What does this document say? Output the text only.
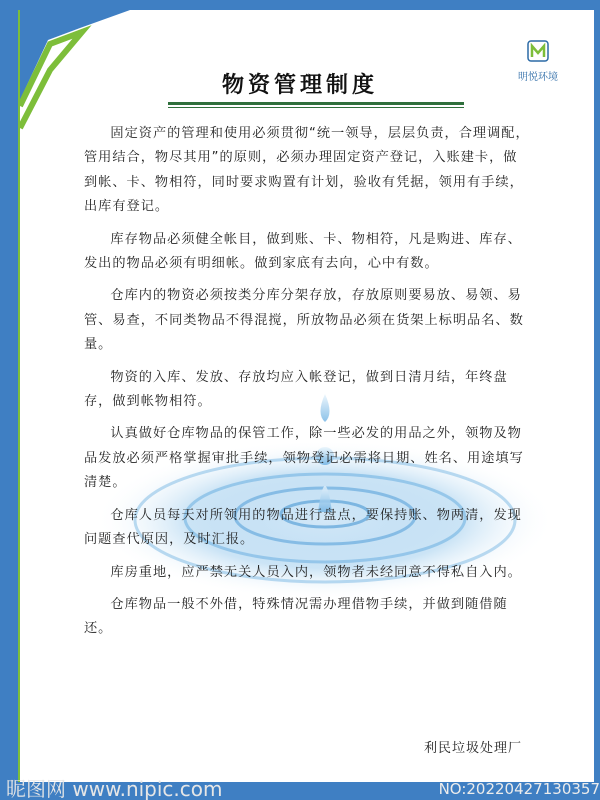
明悦环境
物资管理制度

固定资产的管理和使用必须贯彻“统一领导，层层负责，合理调配，管用结合，物尽其用”的原则，必须办理固定资产登记，入账建卡，做到帐、卡、物相符，同时要求购置有计划，验收有凭据，领用有手续，出库有登记。

库存物品必须健全帐目，做到账、卡、物相符，凡是购进、库存、发出的物品必须有明细帐。做到家底有去向，心中有数。

仓库内的物资必须按类分库分架存放，存放原则要易放、易领、易管、易查，不同类物品不得混搅，所放物品必须在货架上标明品名、数量。

物资的入库、发放、存放均应入帐登记，做到日清月结，年终盘存，做到帐物相符。

认真做好仓库物品的保管工作，除一些必发的用品之外，领物及物品发放必须严格掌握审批手续，领物登记必需将日期、姓名、用途填写清楚。

仓库人员每天对所领用的物品进行盘点，要保持账、物两清，发现问题查代原因，及时汇报。

库房重地，应严禁无关人员入内，领物者未经同意不得私自入内。

仓库物品一般不外借，特殊情况需办理借物手续，并做到随借随还。

利民垃圾处理厂
昵图网 www.nipic.com	NO:20220427130357
